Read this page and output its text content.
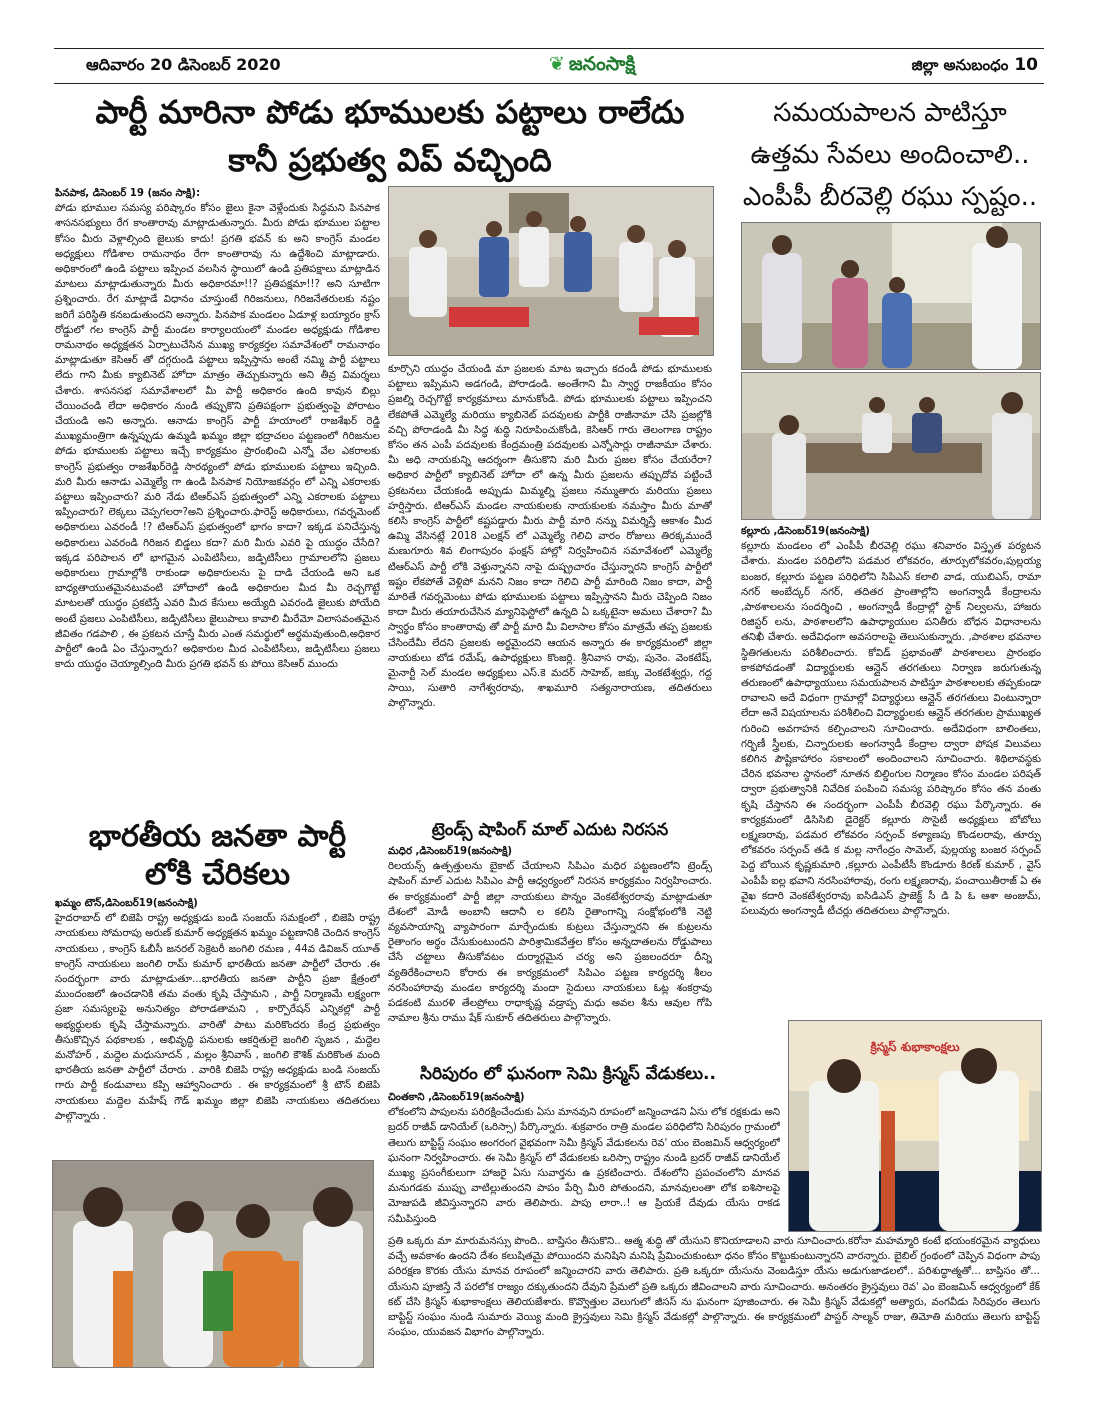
ఆదివారం 20 డిసెంబర్ 2020	❦ జనంసాక్షి	జిల్లా అనుబంధం 10
పార్టీ మారినా పోడు భూములకు పట్టాలు రాలేదు
కానీ ప్రభుత్వ విప్ వచ్చింది
సమయపాలన పాటిస్తూ
ఉత్తమ సేవలు అందించాలి..
ఎంపీపీ బీరవెల్లి రఘు స్పష్టం..
పినపాక, డిసెంబర్ 19 (జనం సాక్షి):
పోడు భూముల సమస్య పరిష్కారం కోసం జైలు కైనా వెళ్లేందుకు సిద్ధమని పినపాక శాసనసభ్యులు రేగ కాంతారావు మాట్లాడుతున్నారు. మీరు పోడు భూముల పట్టాల కోసం మీరు వెళ్లాల్సింది జైలుకు కాదు! ప్రగతి భవన్ కు అని కాంగ్రెస్ మండల అధ్యక్షులు గోడిశాల రామనాథం రేగా కాంతారావు ను ఉద్దేశించి మాట్లాడారు. అధికారంలో ఉండి పట్టాలు ఇప్పించ వలసిన స్థాయిలో ఉండి ప్రతిపక్షాలు మాట్లాడిన మాటలు మాట్లాడుతున్నారు మీరు అధికారమా!!? ప్రతిపక్షమా!!? అని సూటిగా ప్రశ్నించారు. రేగ మాట్లాడే విధానం చూస్తుంటే గిరిజనులు, గిరిజనేతరులకు నష్టం జరిగే పరిస్థితి కనబడుతుందని అన్నారు. పినపాక మండలం ఏడూళ్ల బయ్యారం క్రాస్ రోడ్డులో గల కాంగ్రెస్ పార్టీ మండల కార్యాలయంలో మండల అధ్యక్షుడు గోడిశాల రామనాథం అధ్యక్షతన ఏర్పాటుచేసిన ముఖ్య కార్యకర్తల సమావేశంలో రామనాథం మాట్లాడుతూ కెసిఆర్ తో దగ్గరుండి పట్టాలు ఇప్పిస్తాను అంటే నమ్మి పార్టీ పట్టాలు లేదు గాని మీకు క్యాబినెట్ హోదా మాత్రం తెచ్చుకున్నారు అని తీవ్ర విమర్శలు చేశారు. శాసనసభ సమావేశాలలో మీ పార్టీ అధికారం ఉంది కావున బిల్లు చేయించండి లేదా అధికారం నుండి తప్పుకొని ప్రతిపక్షంగా ప్రభుత్వంపై పోరాటం చేయండి అని అన్నారు. ఆనాడు కాంగ్రెస్ పార్టీ హయాంలో రాజశేఖర్ రెడ్డి ముఖ్యమంత్రిగా ఉన్నప్పుడు ఉమ్మడి ఖమ్మం జిల్లా భద్రాచలం పట్టణంలో గిరిజనుల పోడు భూములకు పట్టాలు ఇచ్చే కార్యక్రమం ప్రారంభించి ఎన్నో వేల ఎకరాలకు కాంగ్రెస్ ప్రభుత్వం రాజశేఖర్‌రెడ్డి సారథ్యంలో పోడు భూములకు పట్టాలు ఇచ్చింది. మరి మీరు ఆనాడు ఎమ్మెల్యే గా ఉండి పినపాక నియోజకవర్గం లో ఎన్ని ఎకరాలకు పట్టాలు ఇప్పించారు? మరి నేడు టిఆర్ఎస్ ప్రభుత్వంలో ఎన్ని ఎకరాలకు పట్టాలు ఇప్పించారు? లెక్కలు చెప్పగలరా?అని ప్రశ్నించారు.ఫారెస్ట్ అధికారులు, గవర్నమెంట్ అధికారులు ఎవరండీ !? టిఆర్ఎస్ ప్రభుత్వంలో భాగం కాదా? ఇక్కడ పనిచేస్తున్న అధికారులు ఎవరండి గిరిజన బిడ్డలు కదా? మరి మీరు ఎవరి పై యుద్ధం చేసేది? ఇక్కడ పరిపాలన లో భాగమైన ఎంపిటిసీలు, జడ్పిటిసీలు గ్రామాలలోని ప్రజలు అధికారులు గ్రామాల్లోకి రాకుండా అధికారులను పై దాడి చేయండి అని ఒక బాధ్యతాయుతమైనటువంటి హోదాలో ఉండి అధికారుల మీద మీ రెచ్చగొట్టే మాటలతో యుద్ధం ప్రకటిస్తే ఎవరి మీద కేసులు అయ్యేది ఎవరండి జైలుకు పోయేది అంటే ప్రజలు ఎంపిటిసీలు, జడ్పిటిసీలు జైలుపాలు కావాలి మీరేమో విలాసవంతమైన జీవితం గడపాలి , ఈ ప్రకటన చూస్తే మీరు ఎంత సమర్థులో అర్థమవుతుంది,అధికార పార్టీలో ఉండి ఏం చేస్తున్నారు? అధికారుల మీద ఎంపిటిసీలు, జడ్పిటిసీలు ప్రజలు కాదు యుద్ధం చెయ్యాల్సింది మీరు ప్రగతి భవన్ కు పోయి కెసిఆర్ ముందు
కూర్చొని యుద్ధం చేయండి మా ప్రజలకు మాట ఇచ్చారు కదండీ పోడు భూములకు పట్టాలు ఇప్పిమని అడగండి, పోరాడండి. అంతేగాని మీ స్వార్థ రాజకీయం కోసం ప్రజల్ని రెచ్చగొట్టే కార్యక్రమాలు మానుకోండి. పోడు భూములకు పట్టాలు ఇప్పించని లేకపోతే ఎమ్మెల్యే మరియు క్యాబినెట్ పదవులకు పార్టీకి రాజీనామా చేసి ప్రజల్లోకి వచ్చి పోరాడండి మీ సిద్ధ శుద్ధి నిరూపించుకోండి, కెసిఆర్ గారు తెలంగాణ రాష్ట్రం కోసం తన ఎంపీ పదవులకు కేంద్రమంత్రి పదవులకు ఎన్నోసార్లు రాజీనామా చేశారు. మీ అధి నాయకున్ని ఆదర్శంగా తీసుకొని మరి మీరు ప్రజల కోసం చేయరేరా? అధికార పార్టీలో క్యాబినెట్ హోదా లో ఉన్న మీరు ప్రజలను తప్పుదోవ పట్టించే ప్రకటనలు చేయకండి అప్పుడు మిమ్మల్ని ప్రజలు నమ్ముతారు మరియు ప్రజలు హర్షిస్తారు. టిఆర్ఎస్ మండల నాయకులకు నాయకులకు నమస్తాం మీరు మాతో కలిసి కాంగ్రెస్ పార్టీలో కష్టపడ్డారు మీరు పార్టీ మారి నన్ను విమర్శిస్తే ఆకాశం మీద ఉమ్మి వేసినట్లే 2018 ఎలక్షన్ లో ఎమ్మెల్యే గెలిచి వారం రోజులు తిరక్కముందే మణుగూరు శివ లింగాపురం ఫంక్షన్ హాల్లో నిర్వహించిన సమావేశంలో ఎమ్మెల్యే టిఆర్ఎస్ పార్టీ లోకి వెళ్తున్నానని నాపై దుష్ప్రచారం చేస్తున్నారని కాంగ్రెస్ పార్టీలో ఇష్టం లేకపోతే వెళ్లిపో మనని నిజం కాదా గెలిచి పార్టీ మారింది నిజం కాదా, పార్టీ మారితే గవర్నమెంటు పోడు భూములకు పట్టాలు ఇప్పిస్తానని మీరు చెప్పింది నిజం కాదా మీరు తయారుచేసిన మ్యానిఫెస్టోలో ఉన్నది ఏ ఒక్కటైనా అమలు చేశారా? మీ స్వార్థం కోసం కాంతారావు తో పార్టీ మారి మీ విలాసాల కోసం మాత్రమే తప్ప ప్రజలకు చేసిందేమీ లేదని ప్రజలకు అర్థమైందని ఆయన అన్నారు ఈ కార్యక్రమంలో జిల్లా నాయకులు బోడ రమేష్, ఉపాధ్యక్షులు కొంజర్లి. శ్రీనివాస రావు, పునెం. వెంకటేష్, మైనార్టీ సెల్ మండల అధ్యక్షులు ఎస్.కె మదర్ సాహెబ్, జక్కు వెంకటేశ్వర్లు, గద్ద సాయి, సుతారి నాగేశ్వరరావు, శాఖమూరి సత్యనారాయణ, తదితరులు పాల్గొన్నారు.
కల్లూరు ,డిసెంబర్19(జనంసాక్షి)
కల్లూరు మండలం లో ఎంపీపీ బీరవెల్లి రఘు శనివారం విస్తృత పర్యటన చేశారు. మండల పరిధిలోని పడమర లోకవరం, తూర్పులోకవరం,పుల్లయ్య బంజర, కల్లూరు పట్టణ పరిధిలోని సిపిఎస్ కలాలి వాడ, యుబిఎస్, రామా నగర్ అంబేద్కర్ నగర్, తదితర ప్రాంతాల్లోని అంగన్వాడీ కేంద్రాలను ,పాఠశాలలను సందర్శించి , అంగన్వాడీ కేంద్రాల్లో స్టాక్ నిల్వలను, హాజరు రిజిస్టర్ లను, పాఠశాలలోని ఉపాధ్యాయుల పనితీరు బోధన విధానాలను తనిఖీ చేశారు. అదేవిధంగా అవసరాలపై తెలుసుకున్నారు. ,పాఠశాల భవనాల స్థితిగతులను పరిశీలించారు. కోవిడ్ ప్రభావంతో పాఠశాలలు ప్రారంభం కాకపోవడంతో విద్యార్థులకు ఆన్లైన్ తరగతులు నిర్వాణ జరుగుతున్న తరుణంలో ఉపాధ్యాయులు సమయపాలన పాటిస్తూ పాఠశాలలకు తప్పకుండా రావాలని అదే విధంగా గ్రామాల్లో విద్యార్థులు ఆన్లైన్ తరగతులు వింటున్నారా లేదా అనే విషయాలను పరిశీలించి విద్యార్థులకు ఆన్లైన్ తరగతుల ప్రాముఖ్యత గురించి అవగాహన కల్పించాలని సూచించారు. అదేవిధంగా బాలింతలు, గర్భిణీ స్త్రీలకు, చిన్నారులకు అంగన్వాడీ కేంద్రాల ద్వారా పోషక విలువలు కలిగిన పౌష్టికాహారం సకాలంలో అందించాలని సూచించారు. శిథిలావస్థకు చేరిన భవనాల స్థానంలో నూతన బిల్డింగుల నిర్మాణం కోసం మండల పరిషత్ ద్వారా ప్రభుత్వానికి నివేదిక పంపించి సమస్య పరిష్కారం కోసం తన వంతు కృషి చేస్తానని ఈ సందర్భంగా ఎంపీపీ బీరవెల్లి రఘు పేర్కొన్నారు. ఈ కార్యక్రమంలో డిసిసిబి డైరెక్టర్ కల్లూరు సొసైటీ అధ్యక్షులు బోబోలు లక్ష్మణరావు, పడమర లోకవరం సర్పంచ్ కళ్యాణపు కొండలరావు, తూర్పు లోకవరం సర్పంచ్ తడి క మల్ల నాగేంద్రం సామెల్, పుల్లయ్య బంజర సర్పంచ్ పెద్ద బోయిన కృష్ణకుమారి ,కల్లూరు ఎంపీటీసీ కొండూరు కిరణ్ కుమార్ , వైస్ ఎంపీపీ ఐల్ల భవాని నరసింహారావు, రంగు లక్ష్మణరావు, పంచాయితీరాజ్ ఏ ఈ వైఖ కదారి వెంకటేశ్వరరావు ఐసిడిఎస్ ప్రాజెక్ట్ సీ డి పి ఓ ఆశా అంజుమ్, పలువురు అంగన్వాడీ టీచర్లు తదితరులు పాల్గొన్నారు.
భారతీయ జనతా పార్టీ
లోకి చేరికలు
ఖమ్మం టౌన్,డిసెంబర్19(జనంసాక్షి)
హైదరాబాద్ లో బిజెపి రాష్ట్ర అధ్యక్షుడు బండి సంజయ్ సమక్షంలో , బిజెపి రాష్ట్ర నాయకులు సోమరాపు అరుణ్ కుమార్ అధ్యక్షతన ఖమ్మం పట్టణానికి చెందిన కాంగ్రెస్ నాయకులు , కాంగ్రెస్ ఓబీసీ జనరల్ సెక్రెటరీ జంగిలి రమణ , 44వ డివిజన్ యూత్ కాంగ్రెస్ నాయకులు జంగిలి రామ్ కుమార్ భారతీయ జనతా పార్టీలో చేరారు .ఈ సందర్భంగా వారు మాట్లాడుతూ...భారతీయ జనతా పార్టీని ప్రజా క్షేత్రంలో ముందంజలో ఉంచడానికి తమ వంతు కృషి చేస్తామని , పార్టీ నిర్మాణమే లక్ష్యంగా ప్రజా సమస్యలపై అనునిత్యం పోరాడతామని , కార్పొరేషన్ ఎన్నికల్లో పార్టీ అభ్యర్థులకు కృషి చేస్తామన్నారు. వారితో పాటు మరికొందరు కేంద్ర ప్రభుత్వం తీసుకొచ్చిన పథకాలకు , అభివృద్ధి పనులకు ఆకర్షితులై జంగిలి సృజన , మద్దెల మనోహర్ , మద్దెల మధుసూదన్ , మల్లం శ్రీనివాస్ , జంగిలి కౌశిక్ మరికొంత మంది భారతీయ జనతా పార్టీలో చేరారు . వారికి బిజెపి రాష్ట్ర అధ్యక్షుడు బండి సంజయ్ గారు పార్టీ కండువాలు కప్పి ఆహ్వానించారు . ఈ కార్యక్రమంలో శ్రీ టౌన్ బిజెపి నాయకులు మద్దెల మహేష్ గౌడ్ ఖమ్మం జిల్లా బిజెపి నాయకులు తదితరులు పాల్గొన్నారు .
ట్రెండ్స్ షాపింగ్ మాల్ ఎదుట నిరసన
మధిర ,డిసెంబర్19(జనంసాక్షి)
రిలయన్స్ ఉత్పత్తులను బైకాట్ చేయాలని సిపిఎం మధిర పట్టణంలోని ట్రెండ్స్ షాపింగ్ మాల్ ఎదుట సిపిఎం పార్టీ ఆధ్వర్యంలో నిరసన కార్యక్రమం నిర్వహించారు. ఈ కార్యక్రమంలో పార్టీ జిల్లా నాయకులు పొన్నం వెంకటేశ్వరరావు మాట్లాడుతూ దేశంలో మోడీ అంబానీ ఆదానీ ల కలిసి రైతాంగాన్ని సంక్షోభంలోకి నెట్టి వ్యవసాయాన్ని వ్యాపారంగా మార్చేందుకు కుట్రలు చేస్తున్నారని ఈ కుట్రలను రైతాంగం అర్థం చేసుకుంటుందని పారిశ్రామికవేత్తల కోసం అన్నదాతలను రోడ్డుపాలు చేసే చట్టాలు తీసుకోవటం దుర్మార్గమైన చర్య అని ప్రజలందరూ దీన్ని వ్యతిరేకించాలని కోరారు ఈ కార్యక్రమంలో సిపిఎం పట్టణ కార్యదర్శి శీలం నరసింహారావు మండల కార్యదర్శి మందా సైదులు నాయకులు ఓట్ల శంకర్రావు పడకంటి మురళి తేలప్రోలు రాధాకృష్ణ వడ్రాప్ప మధు అవల శీను ఆవుల గోపి నామాల శ్రీను రాము షేక్ సుకూర్ తదితరులు పాల్గొన్నారు.
సిరిపురం లో ఘనంగా సెమి క్రిస్మస్ వేడుకలు..
చింతకాని ,డిసెంబర్19(జనంసాక్షి)
లోకంలోని పాపులను పరిరక్షించేందుకు ఏసు మానవుని రూపంలో జన్మించాడని ఏసు లోక రక్షకుడు అని బ్రదర్ రాజీవ్ డానియేల్ (ఒరిస్సా) పేర్కొన్నారు. శుక్రవారం రాత్రి మండల పరిధిలోని సిరిపురం గ్రామంలో తెలుగు బాప్టిస్ట్ సంఘం అంగరంగ వైభవంగా సెమీ క్రిస్మస్ వేడుకలను రెవ' యం బెంజమిన్ ఆధ్వర్యంలో ఘనంగా నిర్వహించారు. ఈ సెమీ క్రిస్మస్ లో వేడుకలకు ఒరిస్సా రాష్ట్రం నుండి బ్రదర్ రాజీవ్ డానియేల్ ముఖ్య ప్రసంగీకులుగా హాజరై ఏసు సువార్తను ఉ ప్రకటించారు. దేశంలోని ప్రపంచంలోని మానవ మనుగడకు ముప్పు వాటిల్లుతుందని పాపం పేర్చి మీరి పోతుందని, మానవులంతా లోక ఐశిసాలపై మోజుపడి జీవిస్తున్నారని వారు తెలిపారు. పాపు లారా..! ఆ ప్రియకే దేవుడు యేసు రాకడ సమీపిస్తుంది
క్రిస్మస్ శుభాకాంక్షలు
ప్రతి ఒక్కరు మా మారుమనస్సు పొంది.. బాప్తిసం తీసుకొని.. ఆత్మ శుద్ధి తో యేసుని కొనియాడాలని వారు సూచించారు.కరోనా మహమ్మారి కంటే భయంకరమైన వ్యాధులు వచ్చే అవకాశం ఉందని దేశం కలుషితమై పోయిందని మనిషిని మనిషి ప్రేమించుకుంటూ ధనం కోసం కొట్టుకుంటున్నారని వారన్నారు. బైబిల్ గ్రంథంలో చెప్పిన విధంగా పాపు పరిరక్షణ కొరకు యేసు మానవ రూపంలో జన్మించారని వారు తెలిపారు. ప్రతి ఒక్కరూ యేసును వెంబడిస్తూ యేసు అడుగుజాడలలో.. పరిశుద్ధాత్మతో... బాప్తిసం తో... యేసుని పూజిస్తే నే పరలోక రాజ్యం దక్కుతుందని దేవుని ప్రేమలో ప్రతి ఒక్కరు జీవించాలని వారు సూచించారు. అనంతరం క్రైస్తవులు రెవ' ఎం బెంజమిన్ ఆధ్వర్యంలో కేక్ కట్ చేసి క్రిస్మస్ శుభాకాంక్షలు తెలియజేశారు. కొవ్వొత్తుల వెలుగులో జీసస్ ను ఘనంగా పూజించారు. ఈ సెమీ క్రిస్మస్ వేడుకల్లో అత్యారు, వంగవీడు సిరిపురం తెలుగు బాప్టిస్ట్ సంఘం నుండి సుమారు వెయ్యి మంది క్రైస్తవులు సెమి క్రిస్మస్ వేడుకల్లో పాల్గొన్నారు. ఈ కార్యక్రమంలో పాస్టర్ సాల్మన్ రాజు, తిమోతి మరియు తెలుగు బాప్టిస్ట్ సంఘం, యువజన విభాగం పాల్గొన్నారు.
